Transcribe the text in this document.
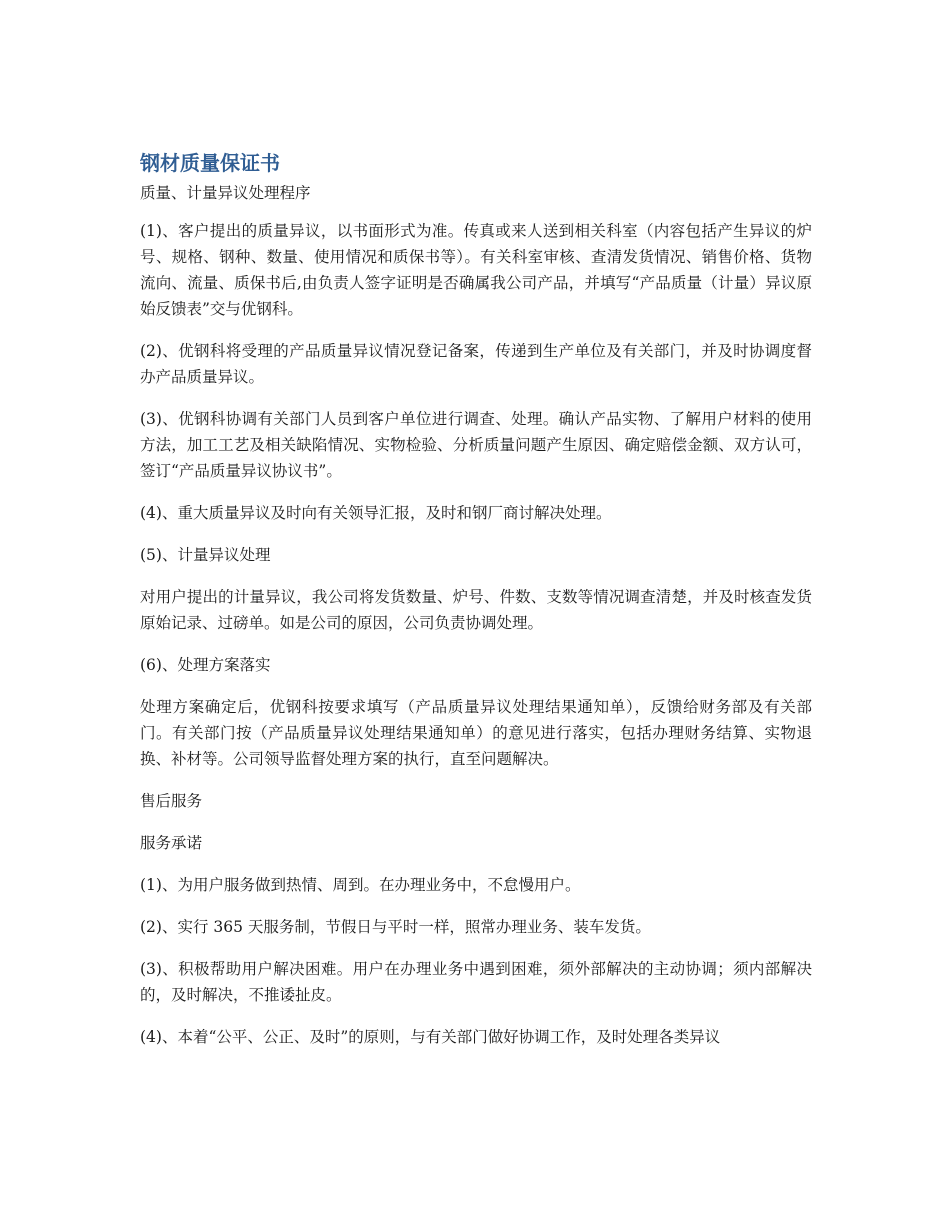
钢材质量保证书
质量、计量异议处理程序

(1)、客户提出的质量异议，以书面形式为准。传真或来人送到相关科室（内容包括产生异议的炉号、规格、钢种、数量、使用情况和质保书等）。有关科室审核、查清发货情况、销售价格、货物流向、流量、质保书后,由负责人签字证明是否确属我公司产品，并填写“产品质量（计量）异议原始反馈表”交与优钢科。

(2)、优钢科将受理的产品质量异议情况登记备案，传递到生产单位及有关部门，并及时协调度督办产品质量异议。

(3)、优钢科协调有关部门人员到客户单位进行调查、处理。确认产品实物、了解用户材料的使用方法，加工工艺及相关缺陷情况、实物检验、分析质量问题产生原因、确定赔偿金额、双方认可，签订“产品质量异议协议书”。

(4)、重大质量异议及时向有关领导汇报，及时和钢厂商讨解决处理。

(5)、计量异议处理

对用户提出的计量异议，我公司将发货数量、炉号、件数、支数等情况调查清楚，并及时核查发货原始记录、过磅单。如是公司的原因，公司负责协调处理。

(6)、处理方案落实

处理方案确定后，优钢科按要求填写（产品质量异议处理结果通知单），反馈给财务部及有关部门。有关部门按（产品质量异议处理结果通知单）的意见进行落实，包括办理财务结算、实物退换、补材等。公司领导监督处理方案的执行，直至问题解决。

售后服务

服务承诺

(1)、为用户服务做到热情、周到。在办理业务中，不怠慢用户。

(2)、实行 365 天服务制，节假日与平时一样，照常办理业务、装车发货。

(3)、积极帮助用户解决困难。用户在办理业务中遇到困难，须外部解决的主动协调；须内部解决的，及时解决，不推诿扯皮。

(4)、本着“公平、公正、及时”的原则，与有关部门做好协调工作，及时处理各类异议
